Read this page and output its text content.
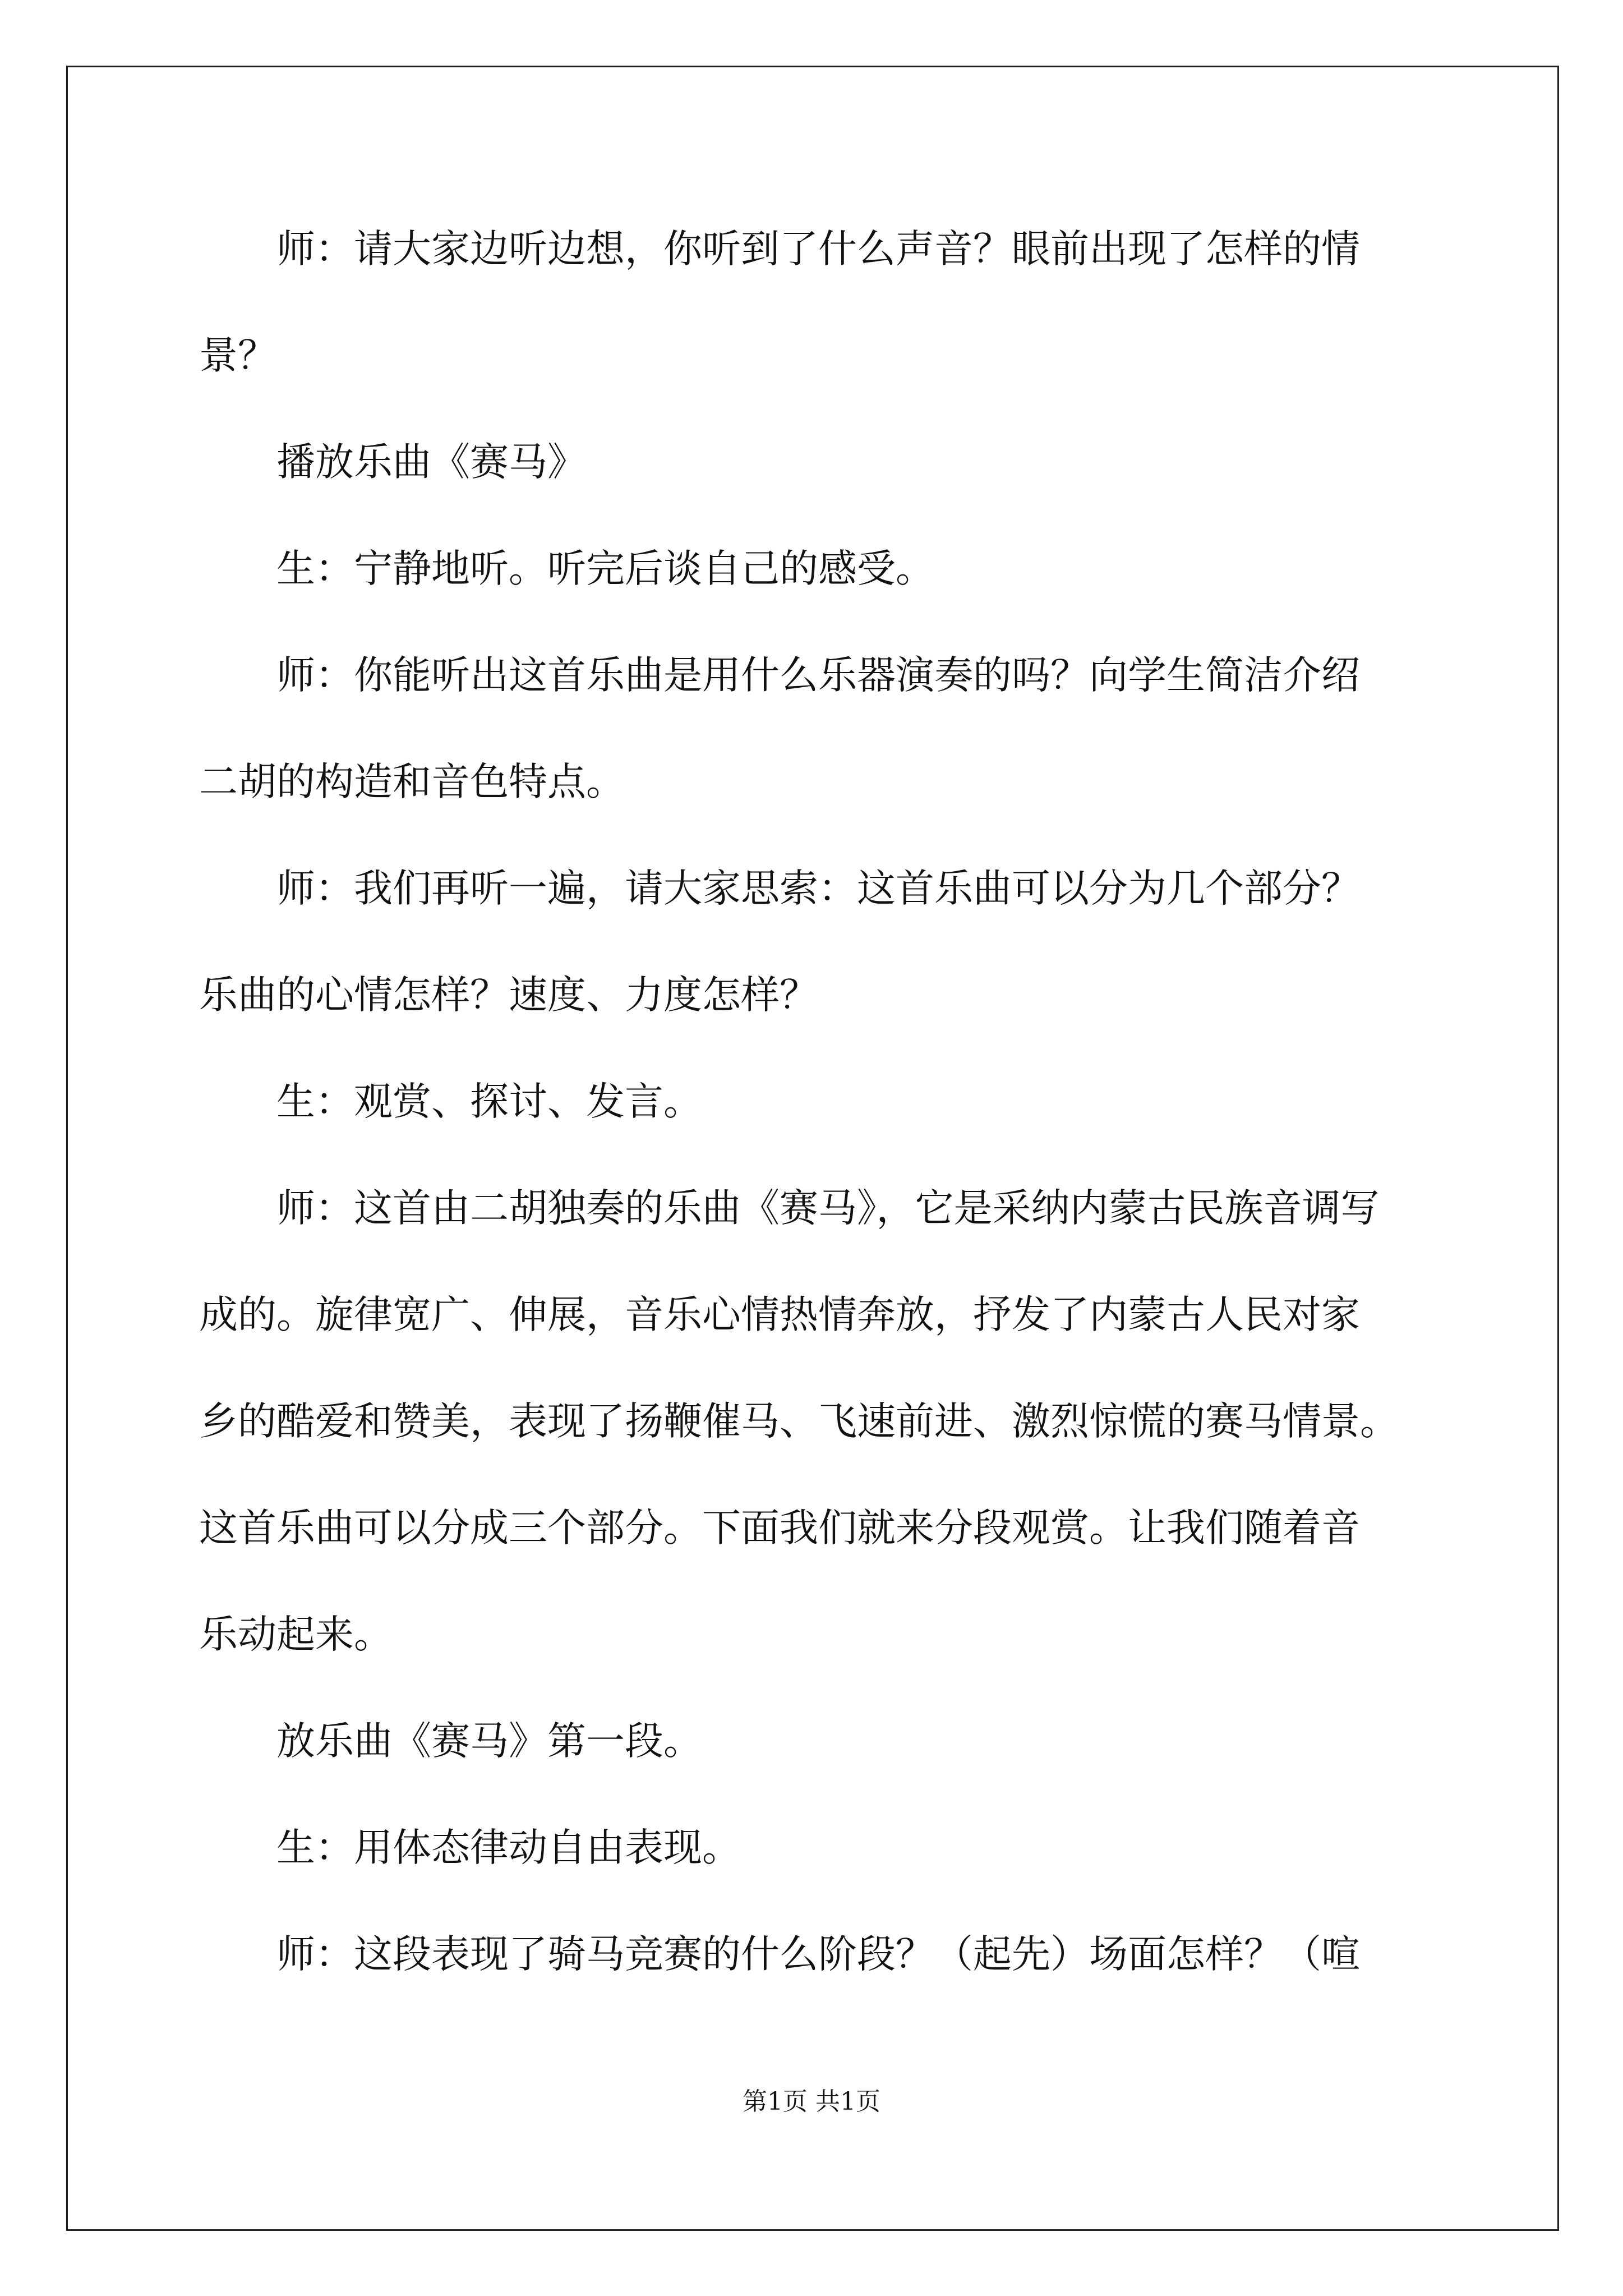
师：请大家边听边想，你听到了什么声音？眼前出现了怎样的情
景？
播放乐曲《赛马》
生：宁静地听。听完后谈自己的感受。
师：你能听出这首乐曲是用什么乐器演奏的吗？向学生简洁介绍
二胡的构造和音色特点。
师：我们再听一遍，请大家思索：这首乐曲可以分为几个部分？
乐曲的心情怎样？速度、力度怎样？
生：观赏、探讨、发言。
师：这首由二胡独奏的乐曲《赛马》，它是采纳内蒙古民族音调写
成的。旋律宽广、伸展，音乐心情热情奔放，抒发了内蒙古人民对家
乡的酷爱和赞美，表现了扬鞭催马、飞速前进、激烈惊慌的赛马情景。
这首乐曲可以分成三个部分。下面我们就来分段观赏。让我们随着音
乐动起来。
放乐曲《赛马》第一段。
生：用体态律动自由表现。
师：这段表现了骑马竞赛的什么阶段？（起先）场面怎样？（喧
第1页 共1页
